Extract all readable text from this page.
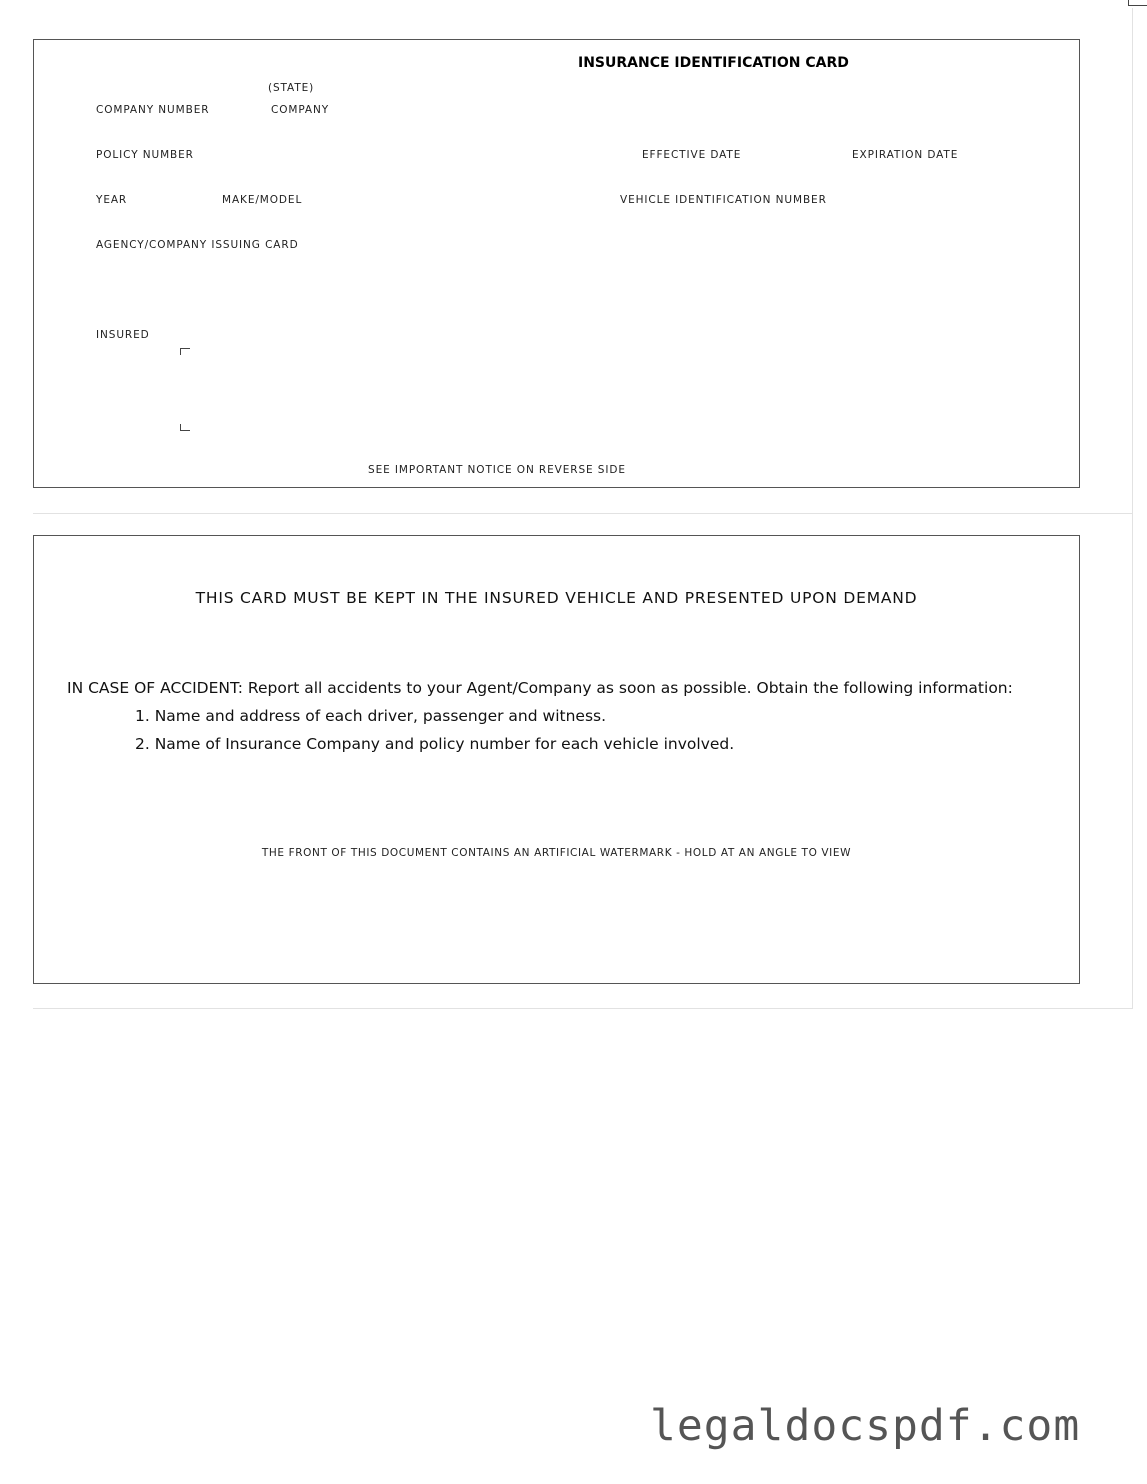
INSURANCE IDENTIFICATION CARD
(STATE)
COMPANY NUMBER	COMPANY
POLICY NUMBER	EFFECTIVE DATE	EXPIRATION DATE
YEAR	MAKE/MODEL	VEHICLE IDENTIFICATION NUMBER
AGENCY/COMPANY ISSUING CARD
INSURED
SEE IMPORTANT NOTICE ON REVERSE SIDE
THIS CARD MUST BE KEPT IN THE INSURED VEHICLE AND PRESENTED UPON DEMAND
IN CASE OF ACCIDENT: Report all accidents to your Agent/Company as soon as possible. Obtain the following information:
1. Name and address of each driver, passenger and witness.
2. Name of Insurance Company and policy number for each vehicle involved.
THE FRONT OF THIS DOCUMENT CONTAINS AN ARTIFICIAL WATERMARK - HOLD AT AN ANGLE TO VIEW
legaldocspdf.com
